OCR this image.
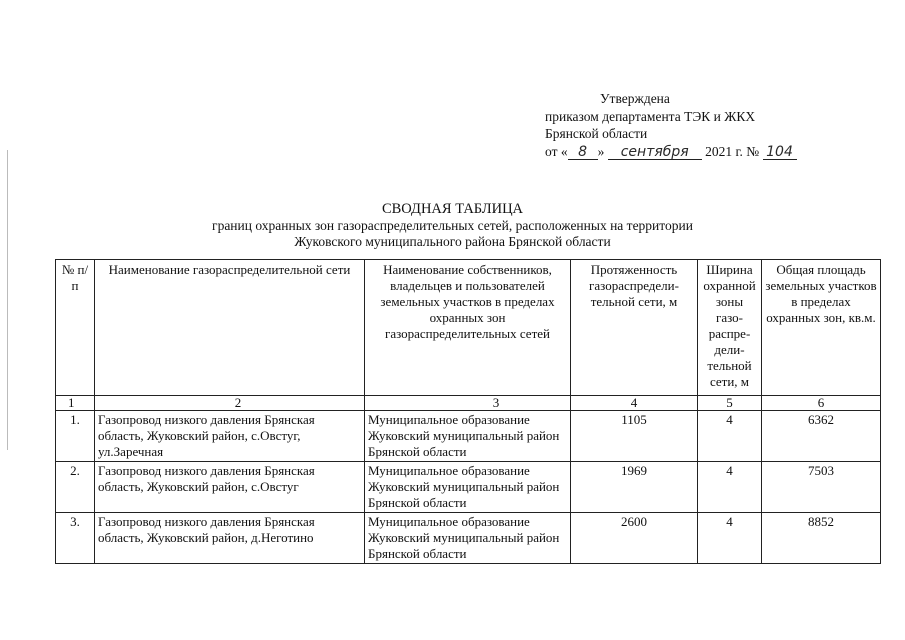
Утверждена
приказом департамента ТЭК и ЖКХ
Брянской области
от « 8 » сентября 2021 г. № 104
СВОДНАЯ ТАБЛИЦА
границ охранных зон газораспределительных сетей, расположенных на территории
Жуковского муниципального района Брянской области
№ п/п	Наименование газораспределительной сети	Наименование собственников, владельцев и пользователей земельных участков в пределах охранных зон газораспределительных сетей	Протяженность газораспредели-тельной сети, м	Ширина охранной зоны газо-распре-дели-тельной сети, м	Общая площадь земельных участков в пределах охранных зон, кв.м.
1	2	3	4	5	6
1.	Газопровод низкого давления Брянская область, Жуковский район, с.Овстуг, ул.Заречная	Муниципальное образование Жуковский муниципальный район Брянской области	1105	4	6362
2.	Газопровод низкого давления Брянская область, Жуковский район, с.Овстуг	Муниципальное образование Жуковский муниципальный район Брянской области	1969	4	7503
3.	Газопровод низкого давления Брянская область, Жуковский район, д.Неготино	Муниципальное образование Жуковский муниципальный район Брянской области	2600	4	8852
